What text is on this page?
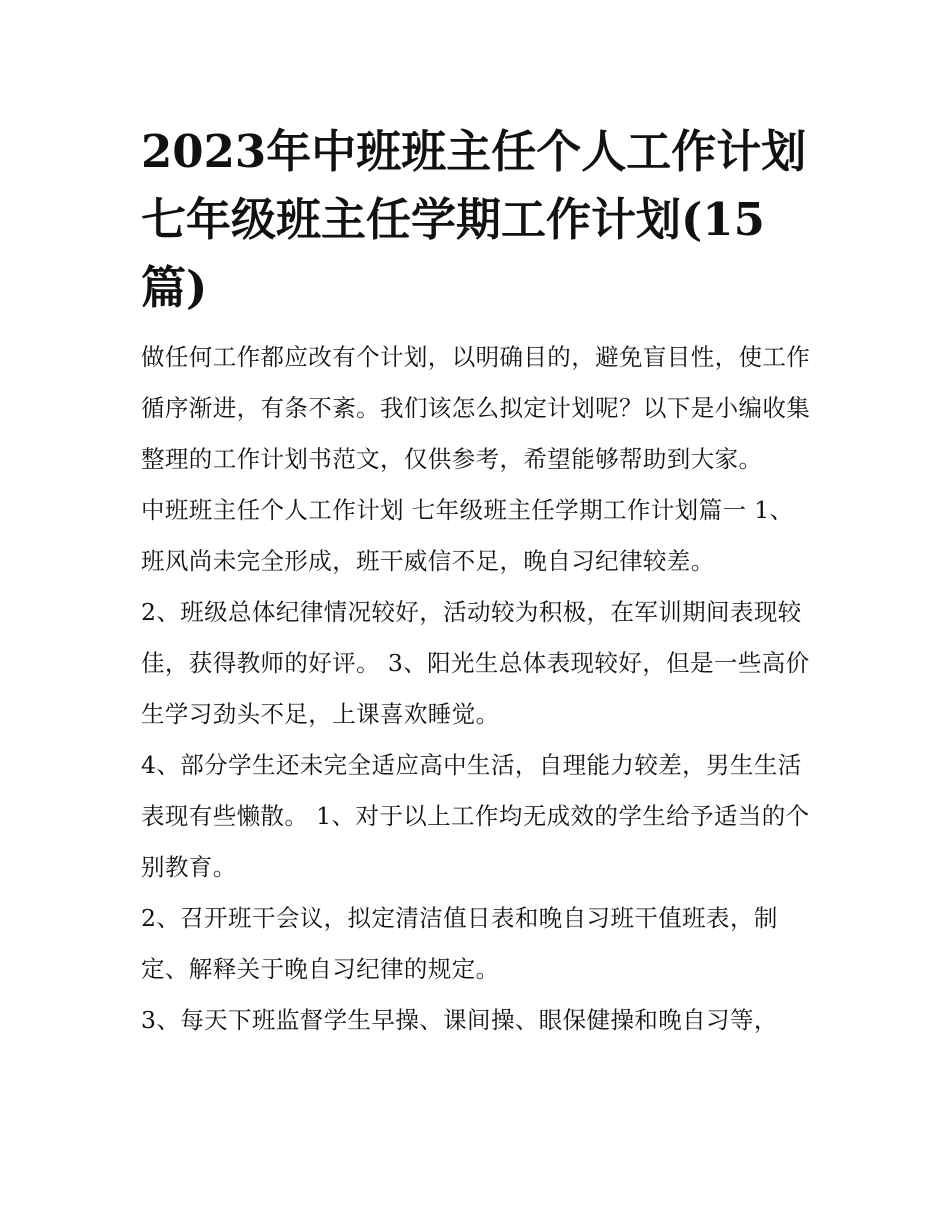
2023年中班班主任个人工作计划 七年级班主任学期工作计划(15篇)

做任何工作都应改有个计划，以明确目的，避免盲目性，使工作循序渐进，有条不紊。我们该怎么拟定计划呢？以下是小编收集整理的工作计划书范文，仅供参考，希望能够帮助到大家。

中班班主任个人工作计划 七年级班主任学期工作计划篇一 1、班风尚未完全形成，班干威信不足，晚自习纪律较差。

2、班级总体纪律情况较好，活动较为积极，在军训期间表现较佳，获得教师的好评。 3、阳光生总体表现较好，但是一些高价生学习劲头不足，上课喜欢睡觉。

4、部分学生还未完全适应高中生活，自理能力较差，男生生活表现有些懒散。 1、对于以上工作均无成效的学生给予适当的个别教育。

2、召开班干会议，拟定清洁值日表和晚自习班干值班表，制定、解释关于晚自习纪律的规定。

3、每天下班监督学生早操、课间操、眼保健操和晚自习等，
